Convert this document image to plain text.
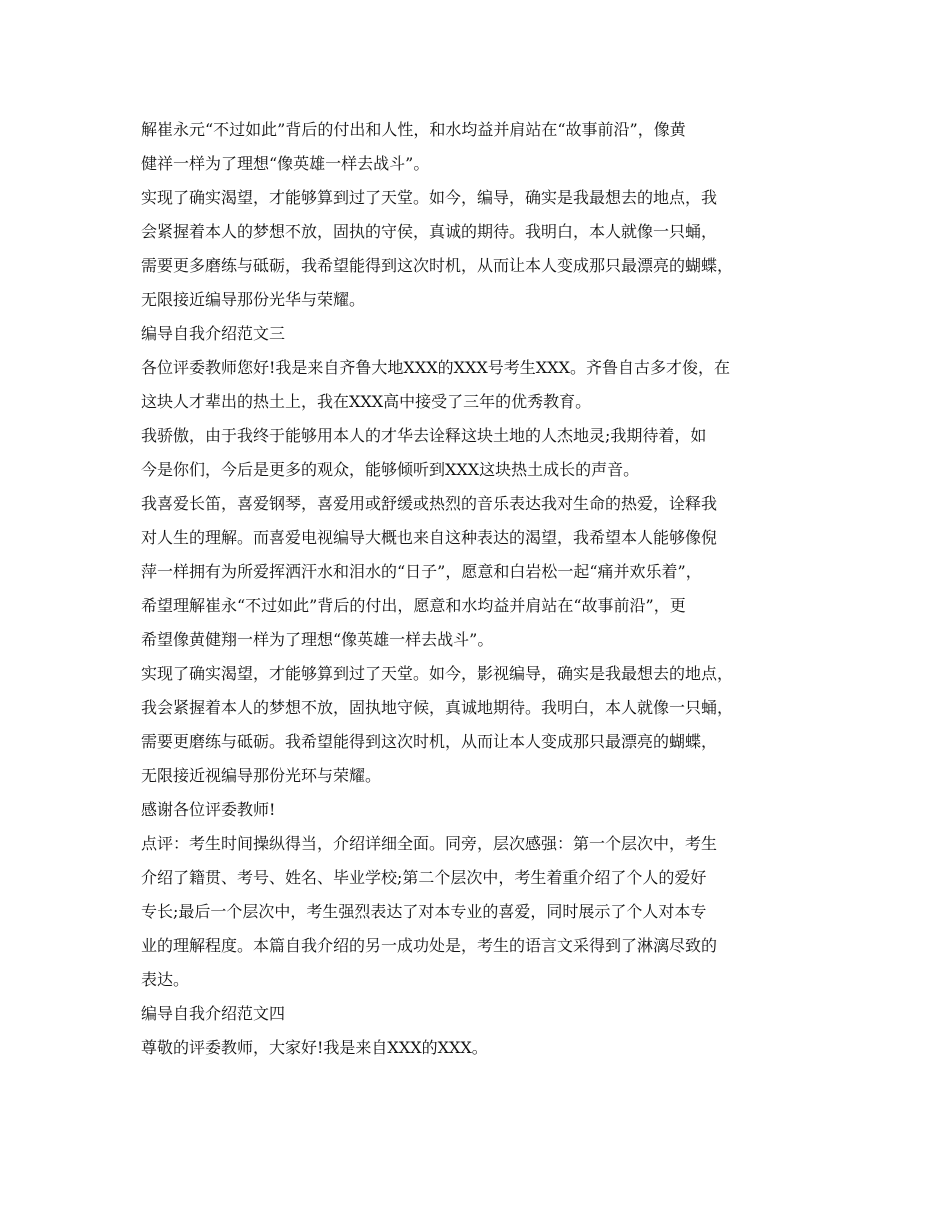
解崔永元“不过如此”背后的付出和人性，和水均益并肩站在“故事前沿”，像黄
健祥一样为了理想“像英雄一样去战斗”。
实现了确实渴望，才能够算到过了天堂。如今，编导，确实是我最想去的地点，我
会紧握着本人的梦想不放，固执的守侯，真诚的期待。我明白，本人就像一只蛹，
需要更多磨练与砥砺，我希望能得到这次时机，从而让本人变成那只最漂亮的蝴蝶，
无限接近编导那份光华与荣耀。
编导自我介绍范文三
各位评委教师您好!我是来自齐鲁大地XXX的XXX号考生XXX。齐鲁自古多才俊，在
这块人才辈出的热土上，我在XXX高中接受了三年的优秀教育。
我骄傲，由于我终于能够用本人的才华去诠释这块土地的人杰地灵;我期待着，如
今是你们，今后是更多的观众，能够倾听到XXX这块热土成长的声音。
我喜爱长笛，喜爱钢琴，喜爱用或舒缓或热烈的音乐表达我对生命的热爱，诠释我
对人生的理解。而喜爱电视编导大概也来自这种表达的渴望，我希望本人能够像倪
萍一样拥有为所爱挥洒汗水和泪水的“日子”，愿意和白岩松一起“痛并欢乐着”，
希望理解崔永“不过如此”背后的付出，愿意和水均益并肩站在“故事前沿”，更
希望像黄健翔一样为了理想“像英雄一样去战斗”。
实现了确实渴望，才能够算到过了天堂。如今，影视编导，确实是我最想去的地点，
我会紧握着本人的梦想不放，固执地守候，真诚地期待。我明白，本人就像一只蛹，
需要更磨练与砥砺。我希望能得到这次时机，从而让本人变成那只最漂亮的蝴蝶，
无限接近视编导那份光环与荣耀。
感谢各位评委教师!
点评：考生时间操纵得当，介绍详细全面。同旁，层次感强：第一个层次中，考生
介绍了籍贯、考号、姓名、毕业学校;第二个层次中，考生着重介绍了个人的爱好
专长;最后一个层次中，考生强烈表达了对本专业的喜爱，同时展示了个人对本专
业的理解程度。本篇自我介绍的另一成功处是，考生的语言文采得到了淋漓尽致的
表达。
编导自我介绍范文四
尊敬的评委教师，大家好!我是来自XXX的XXX。
